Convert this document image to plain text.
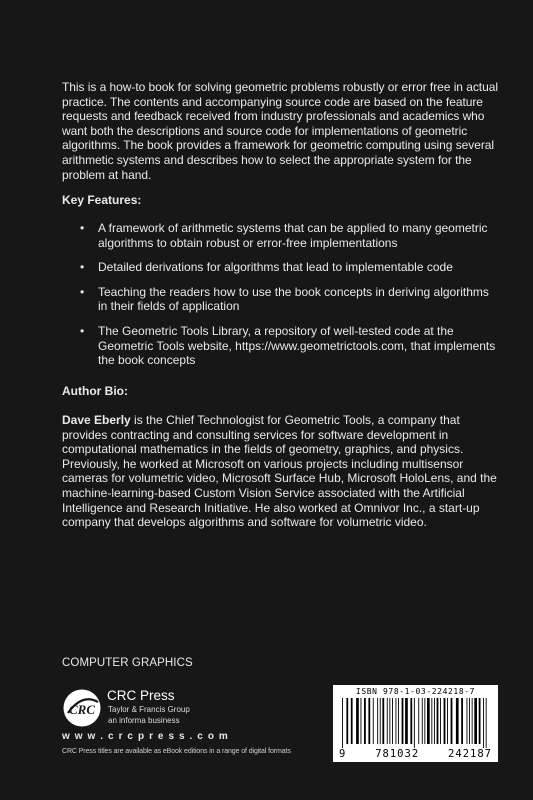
This is a how-to book for solving geometric problems robustly or error free in actual practice. The contents and accompanying source code are based on the feature requests and feedback received from industry professionals and academics who want both the descriptions and source code for implementations of geometric algorithms. The book provides a framework for geometric computing using several arithmetic systems and describes how to select the appropriate system for the problem at hand.
Key Features:
• A framework of arithmetic systems that can be applied to many geometric algorithms to obtain robust or error-free implementations
• Detailed derivations for algorithms that lead to implementable code
• Teaching the readers how to use the book concepts in deriving algorithms in their fields of application
• The Geometric Tools Library, a repository of well-tested code at the Geometric Tools website, https://www.geometrictools.com, that implements the book concepts
Author Bio:
Dave Eberly is the Chief Technologist for Geometric Tools, a company that provides contracting and consulting services for software development in computational mathematics in the fields of geometry, graphics, and physics. Previously, he worked at Microsoft on various projects including multisensor cameras for volumetric video, Microsoft Surface Hub, Microsoft HoloLens, and the machine-learning-based Custom Vision Service associated with the Artificial Intelligence and Research Initiative. He also worked at Omnivor Inc., a start-up company that develops algorithms and software for volumetric video.
COMPUTER GRAPHICS
CRC
CRC Press
Taylor & Francis Group
an informa business
w w w . c r c p r e s s . c o m
CRC Press titles are available as eBook editions in a range of digital formats
ISBN 978-1-03-224218-7
9	781032	242187
